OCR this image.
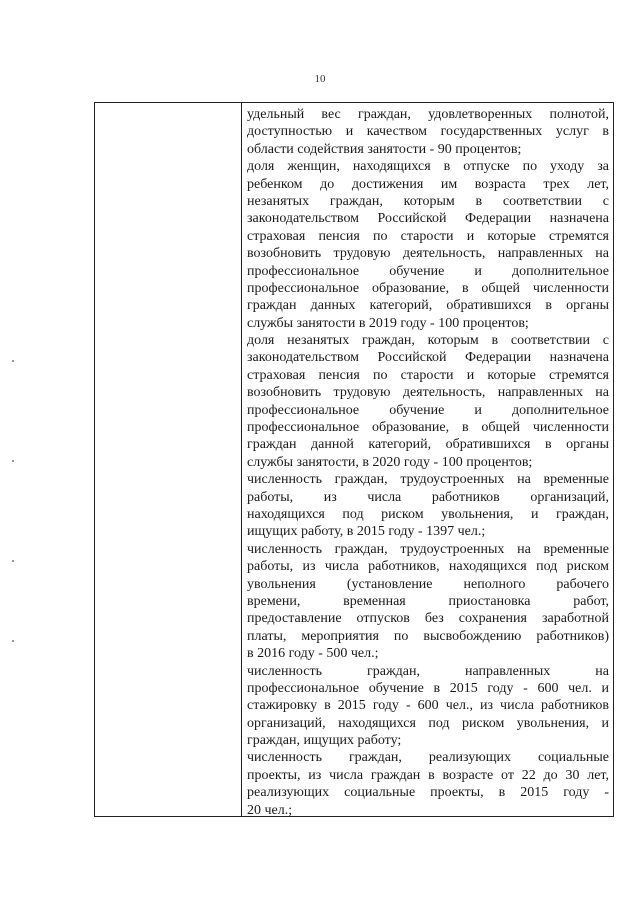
10
удельный вес граждан, удовлетворенных полнотой,
доступностью и качеством государственных услуг в
области содействия занятости - 90 процентов;
доля женщин, находящихся в отпуске по уходу за
ребенком до достижения им возраста трех лет,
незанятых граждан, которым в соответствии с
законодательством Российской Федерации назначена
страховая пенсия по старости и которые стремятся
возобновить трудовую деятельность, направленных на
профессиональное обучение и дополнительное
профессиональное образование, в общей численности
граждан данных категорий, обратившихся в органы
службы занятости в 2019 году - 100 процентов;
доля незанятых граждан, которым в соответствии с
законодательством Российской Федерации назначена
страховая пенсия по старости и которые стремятся
возобновить трудовую деятельность, направленных на
профессиональное обучение и дополнительное
профессиональное образование, в общей численности
граждан данной категорий, обратившихся в органы
службы занятости, в 2020 году - 100 процентов;
численность граждан, трудоустроенных на временные
работы, из числа работников организаций,
находящихся под риском увольнения, и граждан,
ищущих работу, в 2015 году - 1397 чел.;
численность граждан, трудоустроенных на временные
работы, из числа работников, находящихся под риском
увольнения (установление неполного рабочего
времени, временная приостановка работ,
предоставление отпусков без сохранения заработной
платы, мероприятия по высвобождению работников)
в 2016 году - 500 чел.;
численность граждан, направленных на
профессиональное обучение в 2015 году - 600 чел. и
стажировку в 2015 году - 600 чел., из числа работников
организаций, находящихся под риском увольнения, и
граждан, ищущих работу;
численность граждан, реализующих социальные
проекты, из числа граждан в возрасте от 22 до 30 лет,
реализующих социальные проекты, в 2015 году -
20 чел.;
